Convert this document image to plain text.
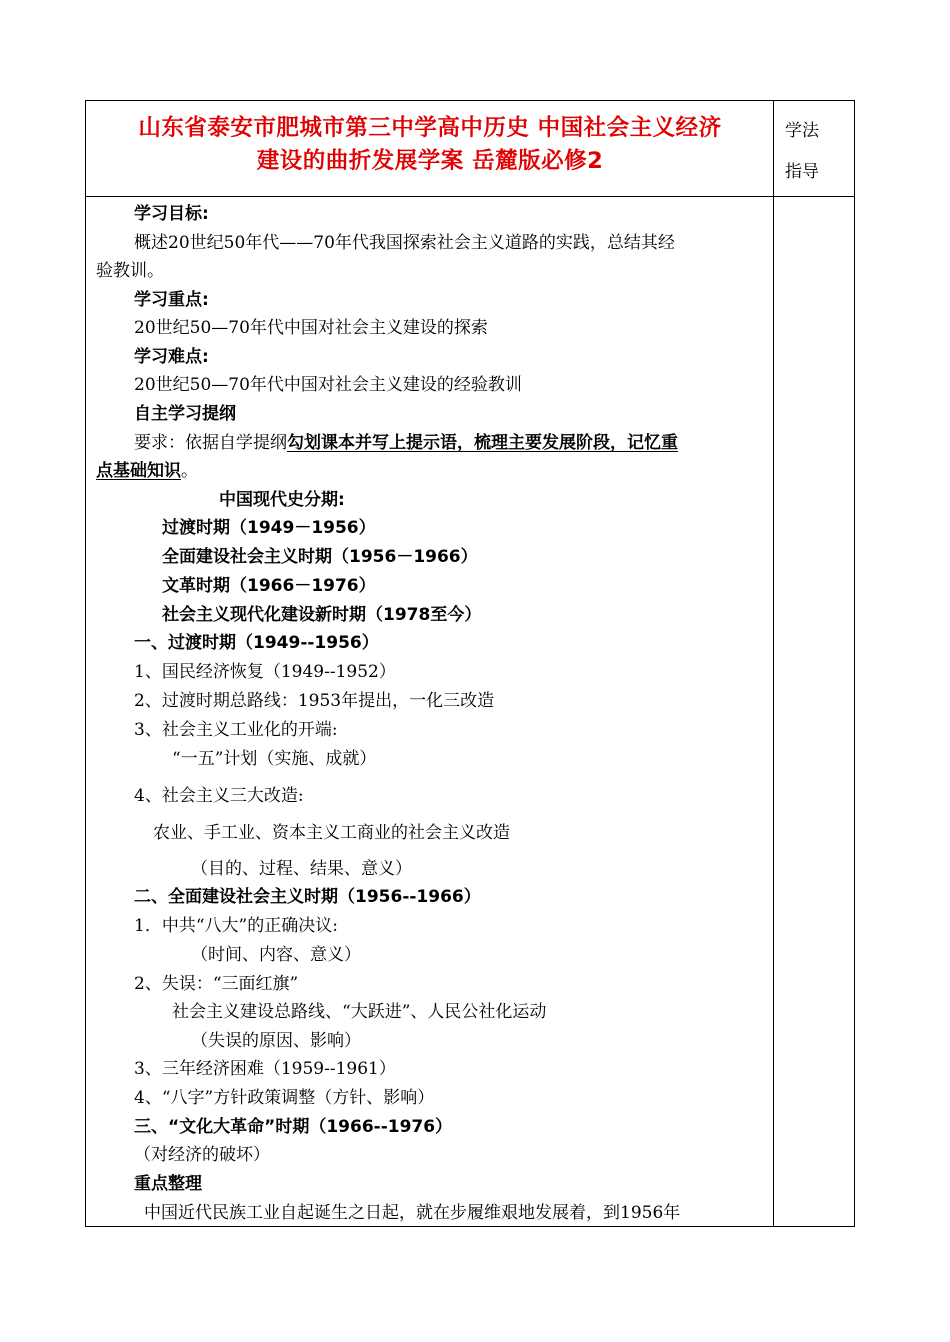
山东省泰安市肥城市第三中学高中历史 中国社会主义经济
建设的曲折发展学案 岳麓版必修2
学法
指导
学习目标:
概述20世纪50年代——70年代我国探索社会主义道路的实践，总结其经
验教训。
学习重点:
20世纪50—70年代中国对社会主义建设的探索
学习难点:
20世纪50—70年代中国对社会主义建设的经验教训
自主学习提纲
要求：依据自学提纲勾划课本并写上提示语，梳理主要发展阶段，记忆重
点基础知识。
中国现代史分期:
过渡时期（1949－1956）
全面建设社会主义时期（1956－1966）
文革时期（1966－1976）
社会主义现代化建设新时期（1978至今）
一、过渡时期（1949--1956）
1、国民经济恢复（1949--1952）
2、过渡时期总路线：1953年提出，一化三改造
3、社会主义工业化的开端:
“一五”计划（实施、成就）
4、社会主义三大改造:
农业、手工业、资本主义工商业的社会主义改造
（目的、过程、结果、意义）
二、全面建设社会主义时期（1956--1966）
1．中共“八大”的正确决议:
（时间、内容、意义）
2、失误：“三面红旗”
社会主义建设总路线、“大跃进”、人民公社化运动
（失误的原因、影响）
3、三年经济困难（1959--1961）
4、“八字”方针政策调整（方针、影响）
三、“文化大革命”时期（1966--1976）
（对经济的破坏）
重点整理
中国近代民族工业自起诞生之日起，就在步履维艰地发展着，到1956年
